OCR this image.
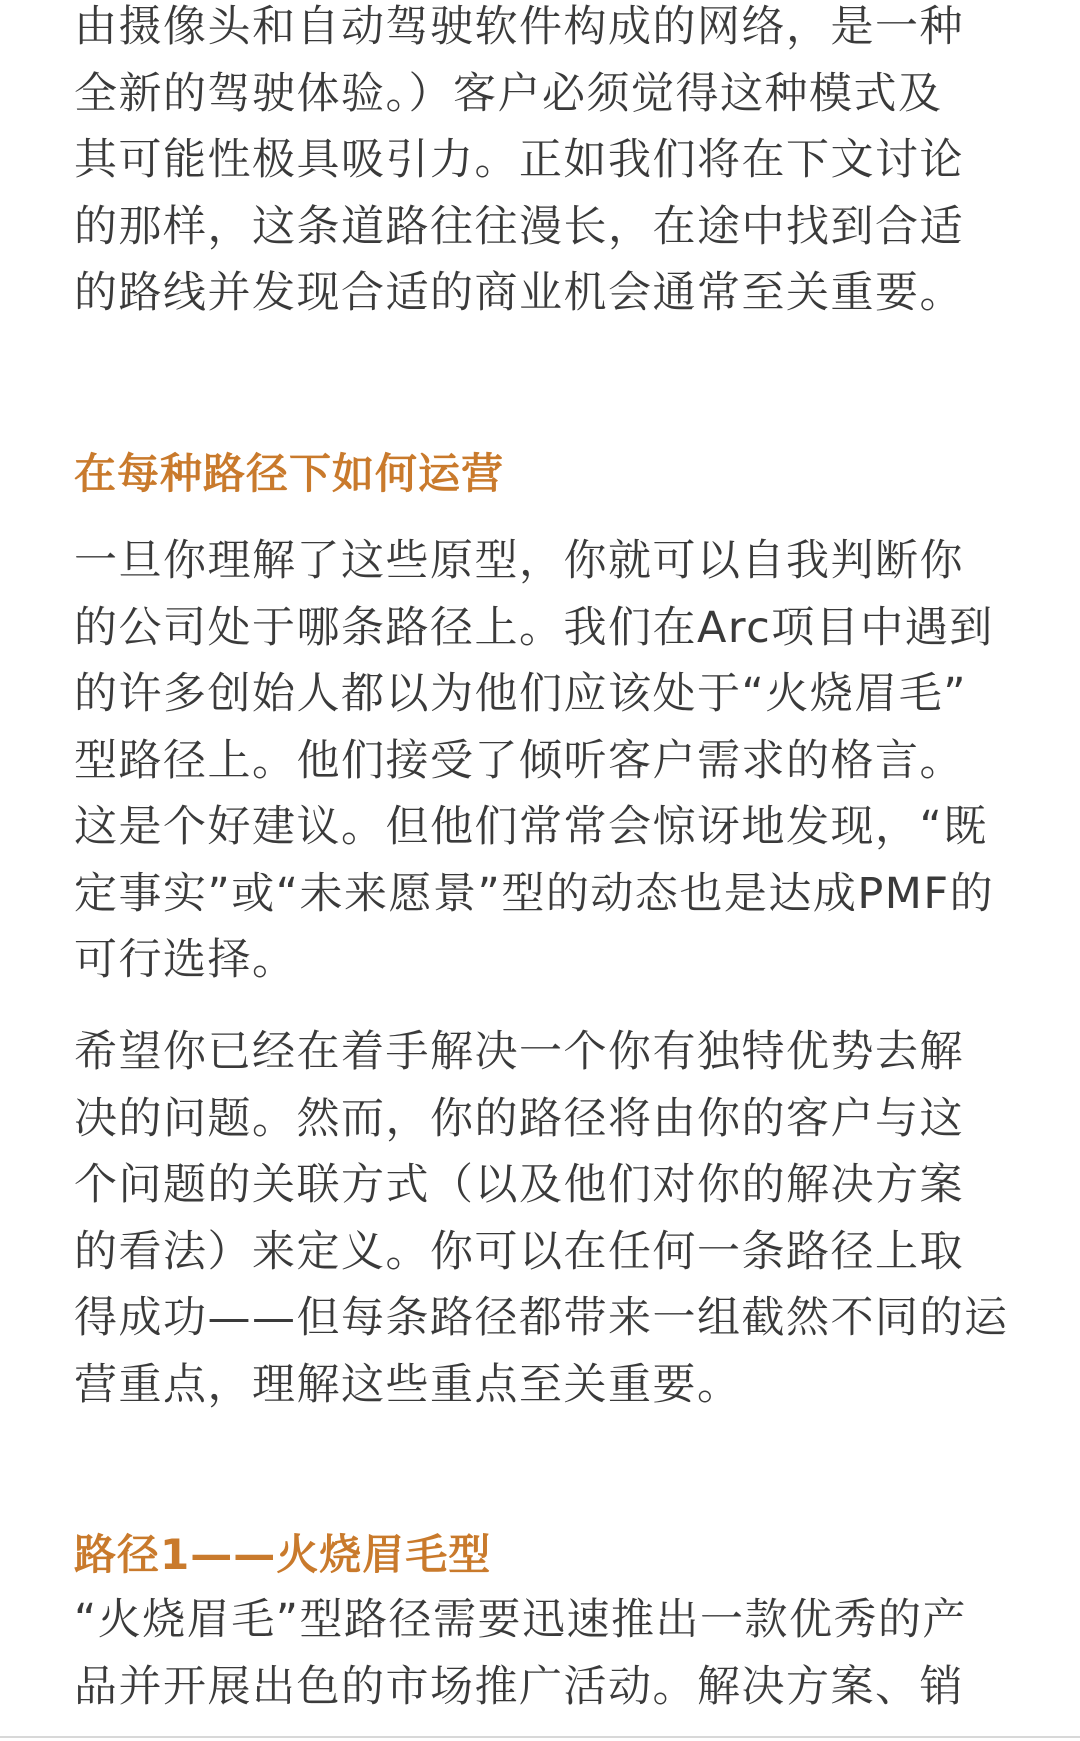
由摄像头和自动驾驶软件构成的网络，是一种
全新的驾驶体验。）客户必须觉得这种模式及
其可能性极具吸引力。正如我们将在下文讨论
的那样，这条道路往往漫长，在途中找到合适
的路线并发现合适的商业机会通常至关重要。
在每种路径下如何运营
一旦你理解了这些原型，你就可以自我判断你
的公司处于哪条路径上。我们在Arc项目中遇到
的许多创始人都以为他们应该处于“火烧眉毛”
型路径上。他们接受了倾听客户需求的格言。
这是个好建议。但他们常常会惊讶地发现，“既
定事实”或“未来愿景”型的动态也是达成PMF的
可行选择。
希望你已经在着手解决一个你有独特优势去解
决的问题。然而，你的路径将由你的客户与这
个问题的关联方式（以及他们对你的解决方案
的看法）来定义。你可以在任何一条路径上取
得成功——但每条路径都带来一组截然不同的运
营重点，理解这些重点至关重要。
路径1——火烧眉毛型
“火烧眉毛”型路径需要迅速推出一款优秀的产
品并开展出色的市场推广活动。解决方案、销
